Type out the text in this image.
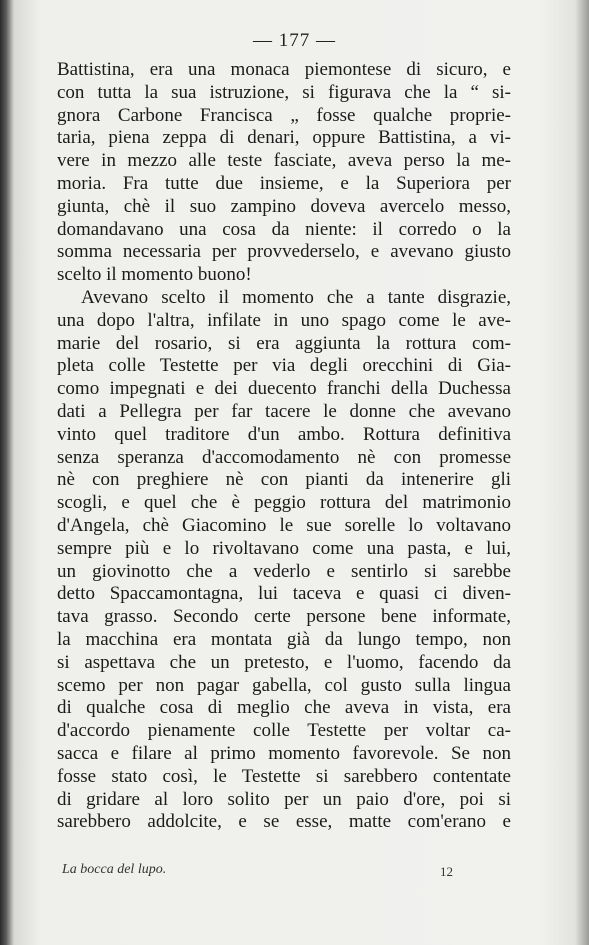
— 177 —
Battistina, era una monaca piemontese di sicuro, e
con tutta la sua istruzione, si figurava che la “ si-
gnora Carbone Francisca „ fosse qualche proprie-
taria, piena zeppa di denari, oppure Battistina, a vi-
vere in mezzo alle teste fasciate, aveva perso la me-
moria. Fra tutte due insieme, e la Superiora per
giunta, chè il suo zampino doveva avercelo messo,
domandavano una cosa da niente: il corredo o la
somma necessaria per provvederselo, e avevano giusto
scelto il momento buono!
Avevano scelto il momento che a tante disgrazie,
una dopo l'altra, infilate in uno spago come le ave-
marie del rosario, si era aggiunta la rottura com-
pleta colle Testette per via degli orecchini di Gia-
como impegnati e dei duecento franchi della Duchessa
dati a Pellegra per far tacere le donne che avevano
vinto quel traditore d'un ambo. Rottura definitiva
senza speranza d'accomodamento nè con promesse
nè con preghiere nè con pianti da intenerire gli
scogli, e quel che è peggio rottura del matrimonio
d'Angela, chè Giacomino le sue sorelle lo voltavano
sempre più e lo rivoltavano come una pasta, e lui,
un giovinotto che a vederlo e sentirlo si sarebbe
detto Spaccamontagna, lui taceva e quasi ci diven-
tava grasso. Secondo certe persone bene informate,
la macchina era montata già da lungo tempo, non
si aspettava che un pretesto, e l'uomo, facendo da
scemo per non pagar gabella, col gusto sulla lingua
di qualche cosa di meglio che aveva in vista, era
d'accordo pienamente colle Testette per voltar ca-
sacca e filare al primo momento favorevole. Se non
fosse stato così, le Testette si sarebbero contentate
di gridare al loro solito per un paio d'ore, poi si
sarebbero addolcite, e se esse, matte com'erano e
La bocca del lupo.	12
